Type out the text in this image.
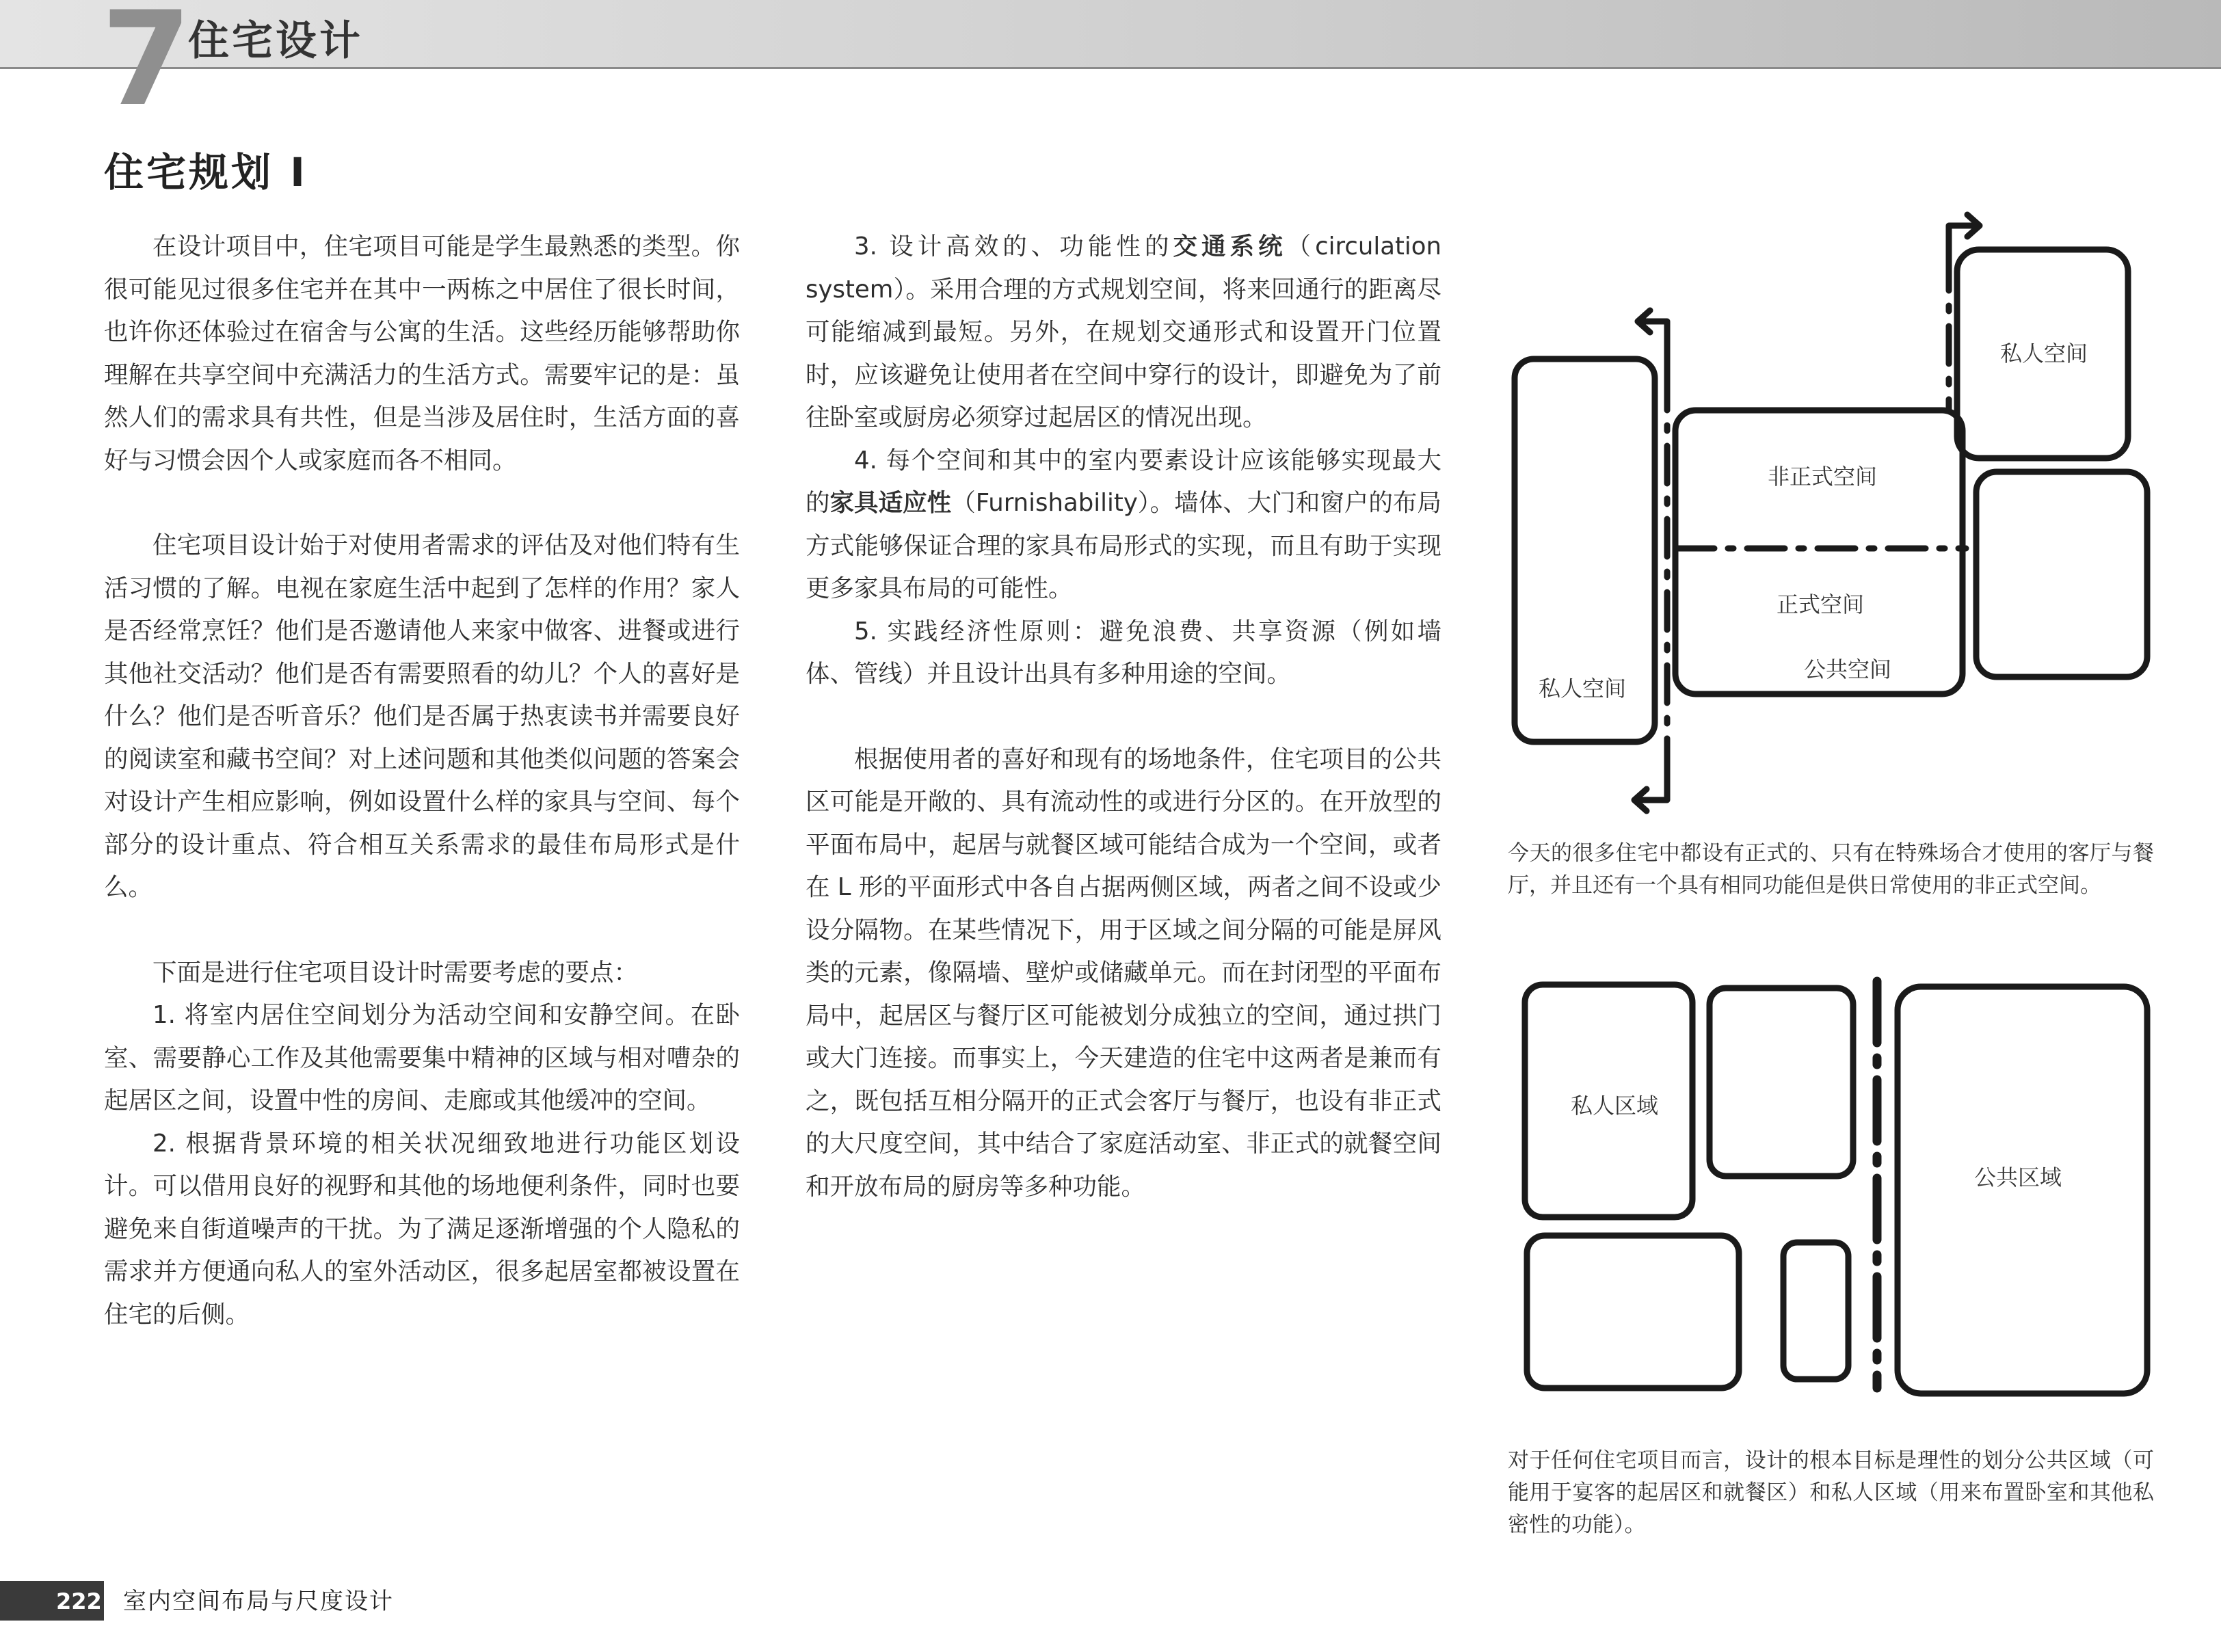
7
住宅设计
住宅规划 I

在设计项目中，住宅项目可能是学生最熟悉的类型。你很可能见过很多住宅并在其中一两栋之中居住了很长时间，也许你还体验过在宿舍与公寓的生活。这些经历能够帮助你理解在共享空间中充满活力的生活方式。需要牢记的是：虽然人们的需求具有共性，但是当涉及居住时，生活方面的喜好与习惯会因个人或家庭而各不相同。

住宅项目设计始于对使用者需求的评估及对他们特有生活习惯的了解。电视在家庭生活中起到了怎样的作用？家人是否经常烹饪？他们是否邀请他人来家中做客、进餐或进行其他社交活动？他们是否有需要照看的幼儿？个人的喜好是什么？他们是否听音乐？他们是否属于热衷读书并需要良好的阅读室和藏书空间？对上述问题和其他类似问题的答案会对设计产生相应影响，例如设置什么样的家具与空间、每个部分的设计重点、符合相互关系需求的最佳布局形式是什么。

下面是进行住宅项目设计时需要考虑的要点：

1. 将室内居住空间划分为活动空间和安静空间。在卧室、需要静心工作及其他需要集中精神的区域与相对嘈杂的起居区之间，设置中性的房间、走廊或其他缓冲的空间。

2. 根据背景环境的相关状况细致地进行功能区划设计。可以借用良好的视野和其他的场地便利条件，同时也要避免来自街道噪声的干扰。为了满足逐渐增强的个人隐私的需求并方便通向私人的室外活动区，很多起居室都被设置在住宅的后侧。

3. 设计高效的、功能性的交通系统（circulation system）。采用合理的方式规划空间，将来回通行的距离尽可能缩减到最短。另外，在规划交通形式和设置开门位置时，应该避免让使用者在空间中穿行的设计，即避免为了前往卧室或厨房必须穿过起居区的情况出现。

4. 每个空间和其中的室内要素设计应该能够实现最大的家具适应性（Furnishability）。墙体、大门和窗户的布局方式能够保证合理的家具布局形式的实现，而且有助于实现更多家具布局的可能性。

5. 实践经济性原则：避免浪费、共享资源（例如墙体、管线）并且设计出具有多种用途的空间。

根据使用者的喜好和现有的场地条件，住宅项目的公共区可能是开敞的、具有流动性的或进行分区的。在开放型的平面布局中，起居与就餐区域可能结合成为一个空间，或者在 L 形的平面形式中各自占据两侧区域，两者之间不设或少设分隔物。在某些情况下，用于区域之间分隔的可能是屏风类的元素，像隔墙、壁炉或储藏单元。而在封闭型的平面布局中，起居区与餐厅区可能被划分成独立的空间，通过拱门或大门连接。而事实上，今天建造的住宅中这两者是兼而有之，既包括互相分隔开的正式会客厅与餐厅，也设有非正式的大尺度空间，其中结合了家庭活动室、非正式的就餐空间和开放布局的厨房等多种功能。

私人空间
非正式空间
正式空间
公共空间
私人空间

今天的很多住宅中都设有正式的、只有在特殊场合才使用的客厅与餐厅，并且还有一个具有相同功能但是供日常使用的非正式空间。

私人区域
公共区域

对于任何住宅项目而言，设计的根本目标是理性的划分公共区域（可能用于宴客的起居区和就餐区）和私人区域（用来布置卧室和其他私密性的功能）。

222 室内空间布局与尺度设计
